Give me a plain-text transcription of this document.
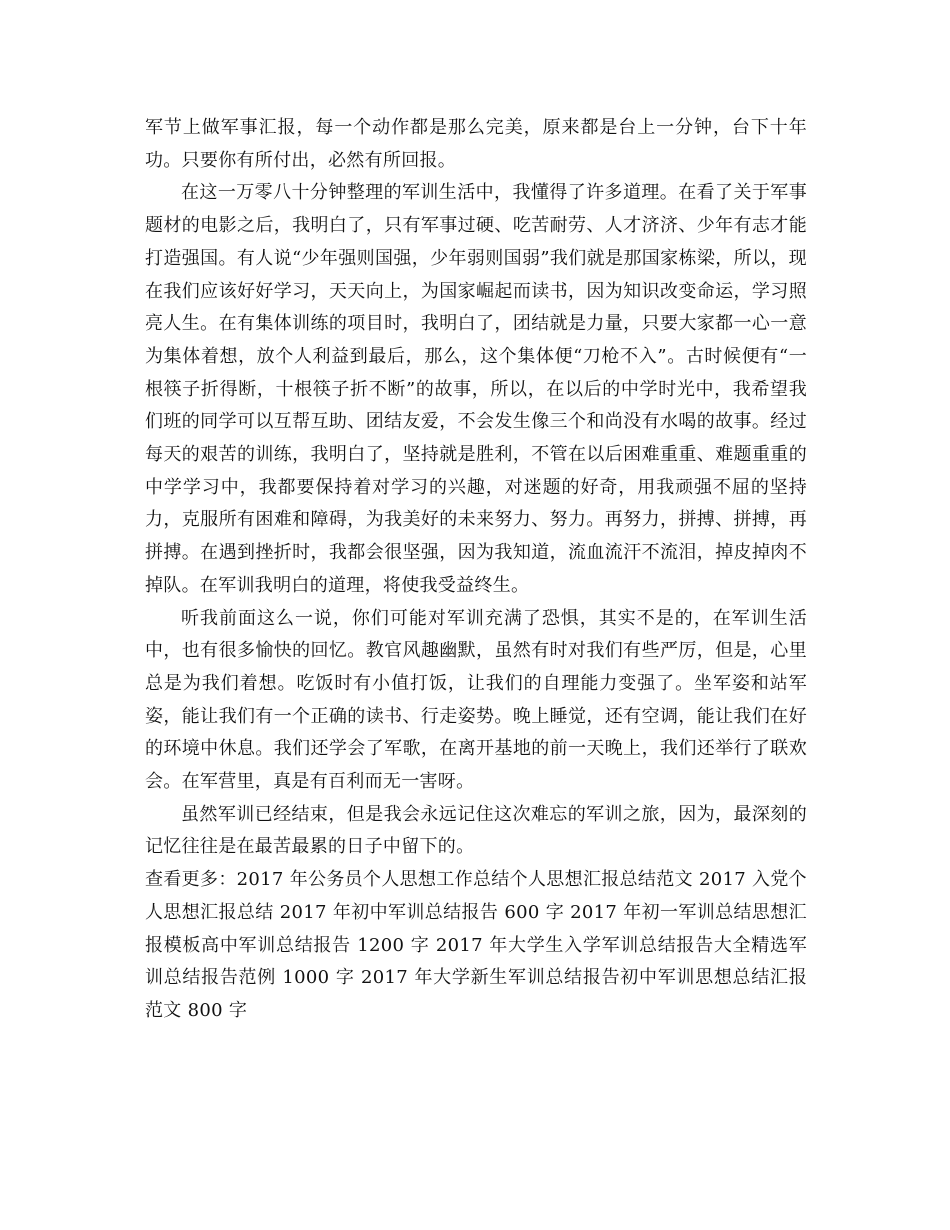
军节上做军事汇报，每一个动作都是那么完美，原来都是台上一分钟，台下十年功。只要你有所付出，必然有所回报。

在这一万零八十分钟整理的军训生活中，我懂得了许多道理。在看了关于军事题材的电影之后，我明白了，只有军事过硬、吃苦耐劳、人才济济、少年有志才能打造强国。有人说“少年强则国强，少年弱则国弱”我们就是那国家栋梁，所以，现在我们应该好好学习，天天向上，为国家崛起而读书，因为知识改变命运，学习照亮人生。在有集体训练的项目时，我明白了，团结就是力量，只要大家都一心一意为集体着想，放个人利益到最后，那么，这个集体便“刀枪不入”。古时候便有“一根筷子折得断，十根筷子折不断”的故事，所以，在以后的中学时光中，我希望我们班的同学可以互帮互助、团结友爱，不会发生像三个和尚没有水喝的故事。经过每天的艰苦的训练，我明白了，坚持就是胜利，不管在以后困难重重、难题重重的中学学习中，我都要保持着对学习的兴趣，对迷题的好奇，用我顽强不屈的坚持力，克服所有困难和障碍，为我美好的未来努力、努力。再努力，拼搏、拼搏，再拼搏。在遇到挫折时，我都会很坚强，因为我知道，流血流汗不流泪，掉皮掉肉不掉队。在军训我明白的道理，将使我受益终生。

听我前面这么一说，你们可能对军训充满了恐惧，其实不是的，在军训生活中，也有很多愉快的回忆。教官风趣幽默，虽然有时对我们有些严厉，但是，心里总是为我们着想。吃饭时有小值打饭，让我们的自理能力变强了。坐军姿和站军姿，能让我们有一个正确的读书、行走姿势。晚上睡觉，还有空调，能让我们在好的环境中休息。我们还学会了军歌，在离开基地的前一天晚上，我们还举行了联欢会。在军营里，真是有百利而无一害呀。

虽然军训已经结束，但是我会永远记住这次难忘的军训之旅，因为，最深刻的记忆往往是在最苦最累的日子中留下的。

查看更多：2017 年公务员个人思想工作总结个人思想汇报总结范文 2017 入党个人思想汇报总结 2017 年初中军训总结报告 600 字 2017 年初一军训总结思想汇报模板高中军训总结报告 1200 字 2017 年大学生入学军训总结报告大全精选军训总结报告范例 1000 字 2017 年大学新生军训总结报告初中军训思想总结汇报范文 800 字
